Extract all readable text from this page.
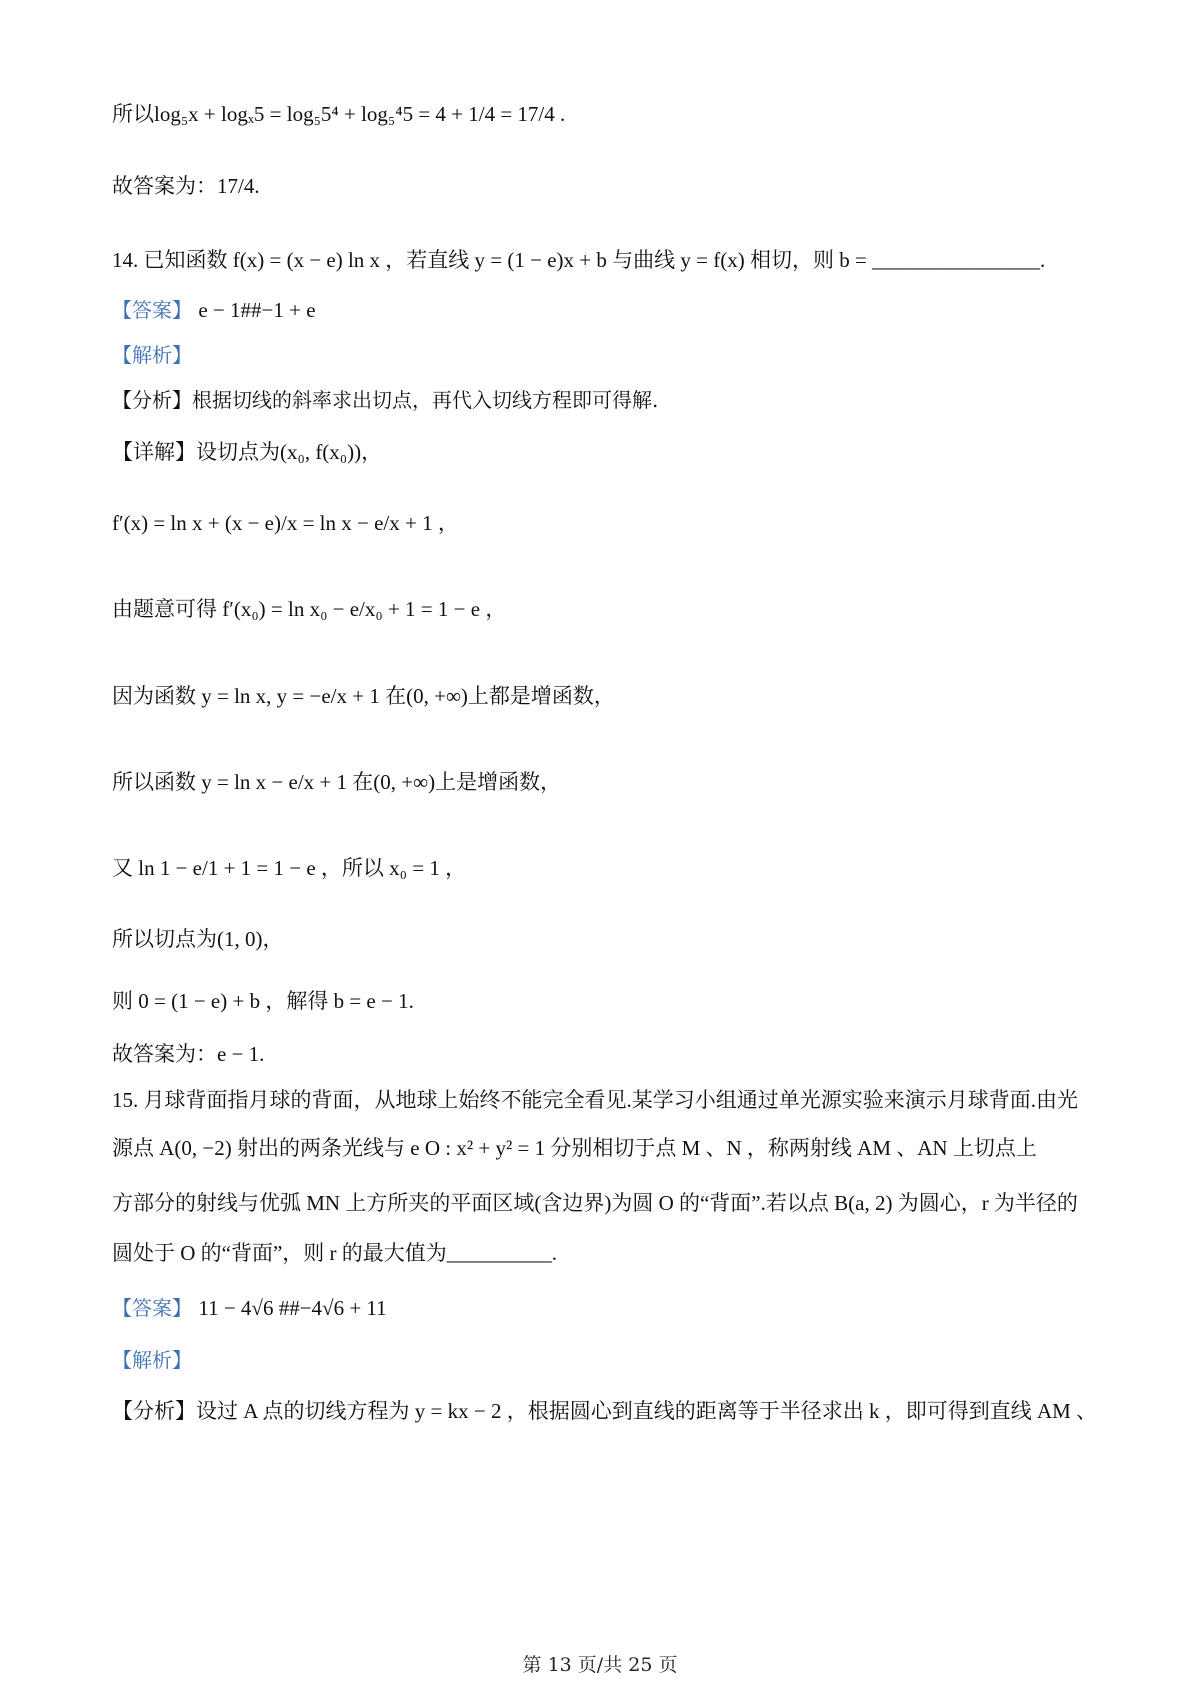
所以log₅x + logₓ5 = log₅5⁴ + log₅⁴5 = 4 + 1/4 = 17/4 .
故答案为：17/4.
14. 已知函数 f(x) = (x − e) ln x ，若直线 y = (1 − e)x + b 与曲线 y = f(x) 相切，则 b = ________________.
【答案】 e − 1##−1 + e
【解析】
【分析】根据切线的斜率求出切点，再代入切线方程即可得解.
【详解】设切点为(x₀, f(x₀))，
f′(x) = ln x + (x − e)/x = ln x − e/x + 1 ，
由题意可得 f′(x₀) = ln x₀ − e/x₀ + 1 = 1 − e ，
因为函数 y = ln x, y = −e/x + 1 在(0, +∞)上都是增函数，
所以函数 y = ln x − e/x + 1 在(0, +∞)上是增函数，
又 ln 1 − e/1 + 1 = 1 − e ，所以 x₀ = 1 ，
所以切点为(1, 0)，
则 0 = (1 − e) + b ，解得 b = e − 1.
故答案为：e − 1.
15. 月球背面指月球的背面，从地球上始终不能完全看见.某学习小组通过单光源实验来演示月球背面.由光
源点 A(0, −2) 射出的两条光线与 e O : x² + y² = 1 分别相切于点 M 、N ，称两射线 AM 、AN 上切点上
方部分的射线与优弧 MN 上方所夹的平面区域(含边界)为圆 O 的“背面”.若以点 B(a, 2) 为圆心，r 为半径的
圆处于 O 的“背面”，则 r 的最大值为__________.
【答案】 11 − 4√6 ##−4√6 + 11
【解析】
【分析】设过 A 点的切线方程为 y = kx − 2 ，根据圆心到直线的距离等于半径求出 k ，即可得到直线 AM 、
第 13 页/共 25 页
